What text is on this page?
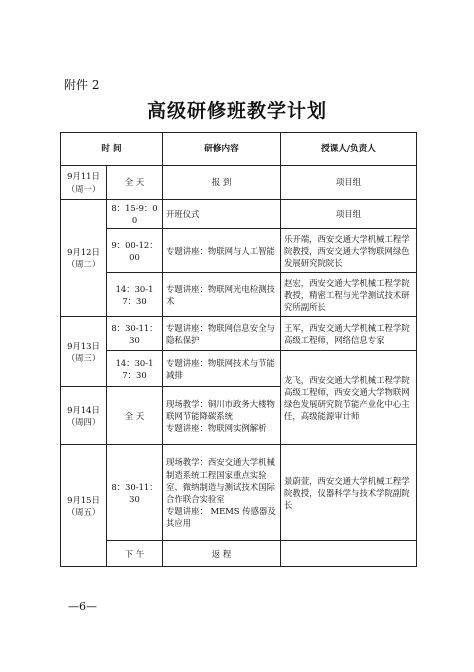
附件 2
高级研修班教学计划
时 间		研修内容	授课人/负责人
9月11日
（周一）	全 天	报 到	项目组
9月12日
（周二）	8：15-9：00	开班仪式	项目组
	9：00-12：00	专题讲座：物联网与人工智能	乐开端，西安交通大学机械工程学院教授，西安交通大学物联网绿色发展研究院院长
	14：30-17：30	专题讲座：物联网光电检测技术	赵宏，西安交通大学机械工程学院教授，精密工程与光学测试技术研究所副所长
9月13日
（周三）	8：30-11：30	专题讲座：物联网信息安全与隐私保护	王军，西安交通大学机械工程学院高级工程师，网络信息专家
	14：30-17：30	专题讲座：物联网技术与节能减排	龙飞，西安交通大学机械工程学院高级工程师，西安交通大学物联网绿色发展研究院节能产业化中心主任，高级能源审计师
9月14日
（周四）	全 天	现场教学：铜川市政务大楼物联网节能降碳系统
专题讲座：物联网实例解析	
9月15日
（周五）	8：30-11：30	现场教学：西安交通大学机械制造系统工程国家重点实验室、微纳制造与测试技术国际合作联合实验室
专题讲座： MEMS 传感器及其应用	景蔚萱，西安交通大学机械工程学院教授，仪器科学与技术学院副院长
	下 午	返 程	
—6—
